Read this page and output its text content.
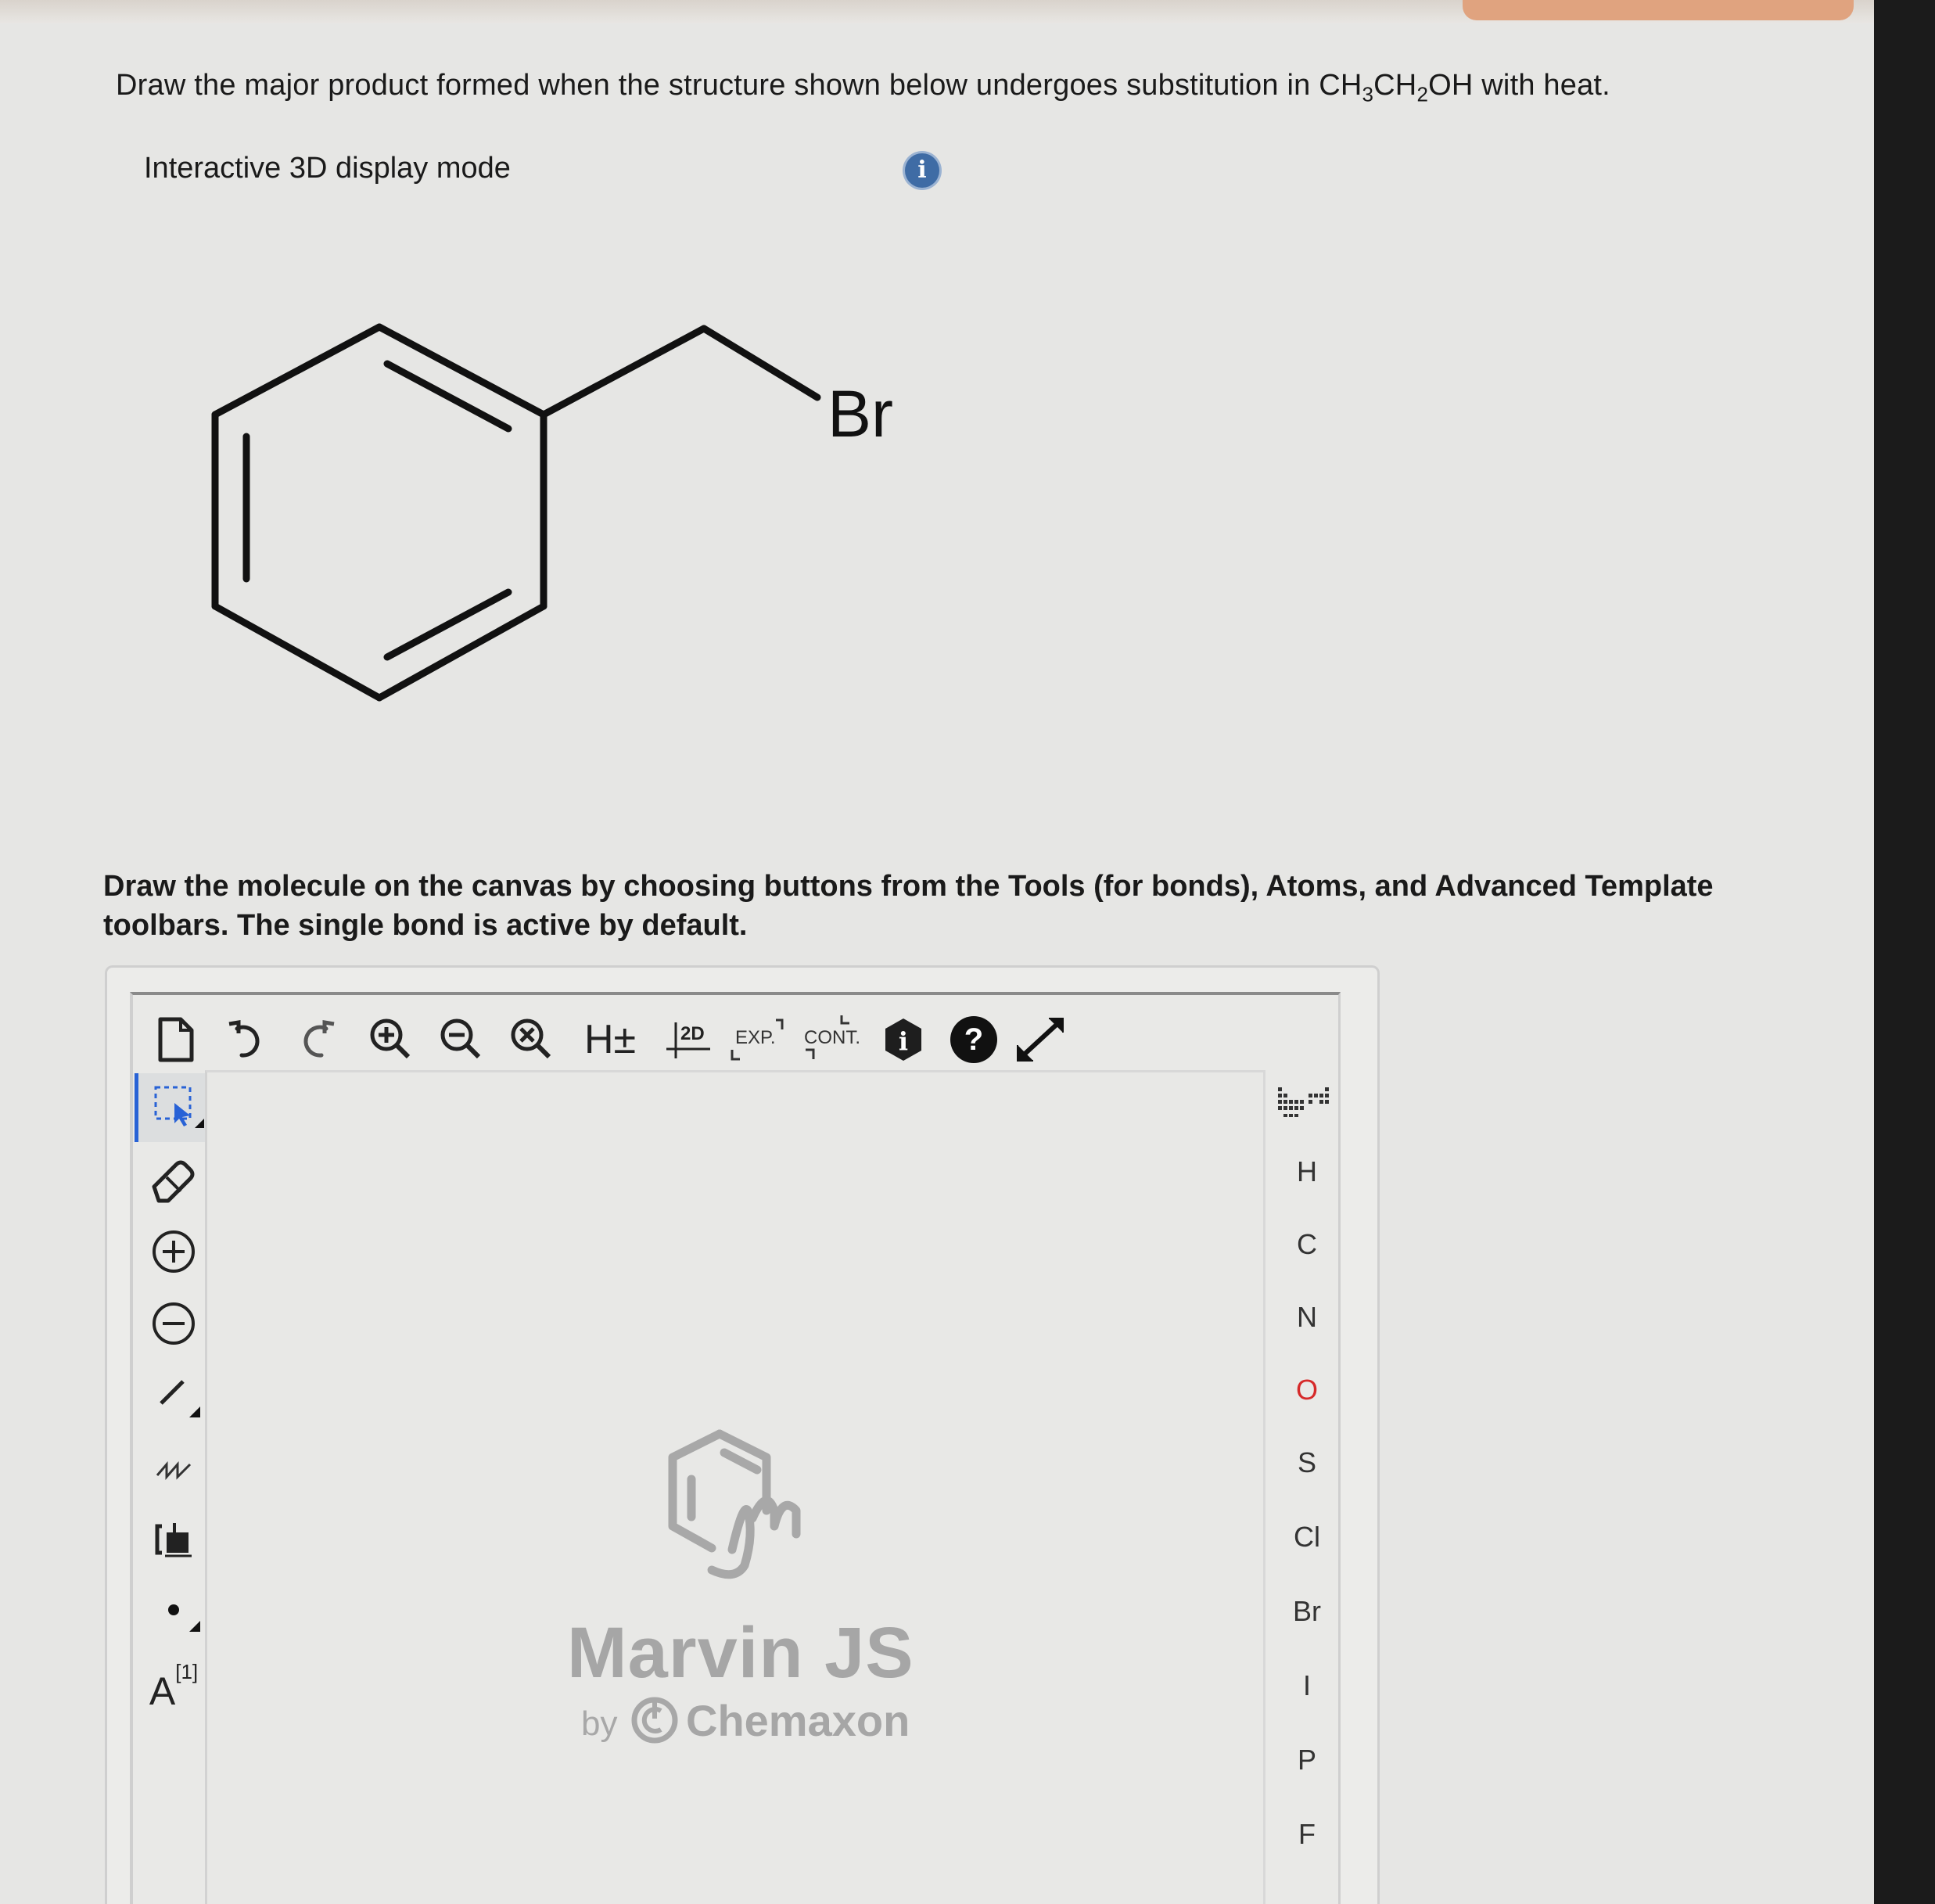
Draw the major product formed when the structure shown below undergoes substitution in $CH_3CH_2OH$ with heat.
Interactive 3D display mode	i
Br
Draw the molecule on the canvas by choosing buttons from the Tools (for bonds), Atoms, and Advanced Template toolbars. The single bond is active by default.
H± 2D EXP. CONT. i ?
A [1]	Marvin JS
by Chemaxon
H
C
N
O
S
Cl
Br
I
P
F
